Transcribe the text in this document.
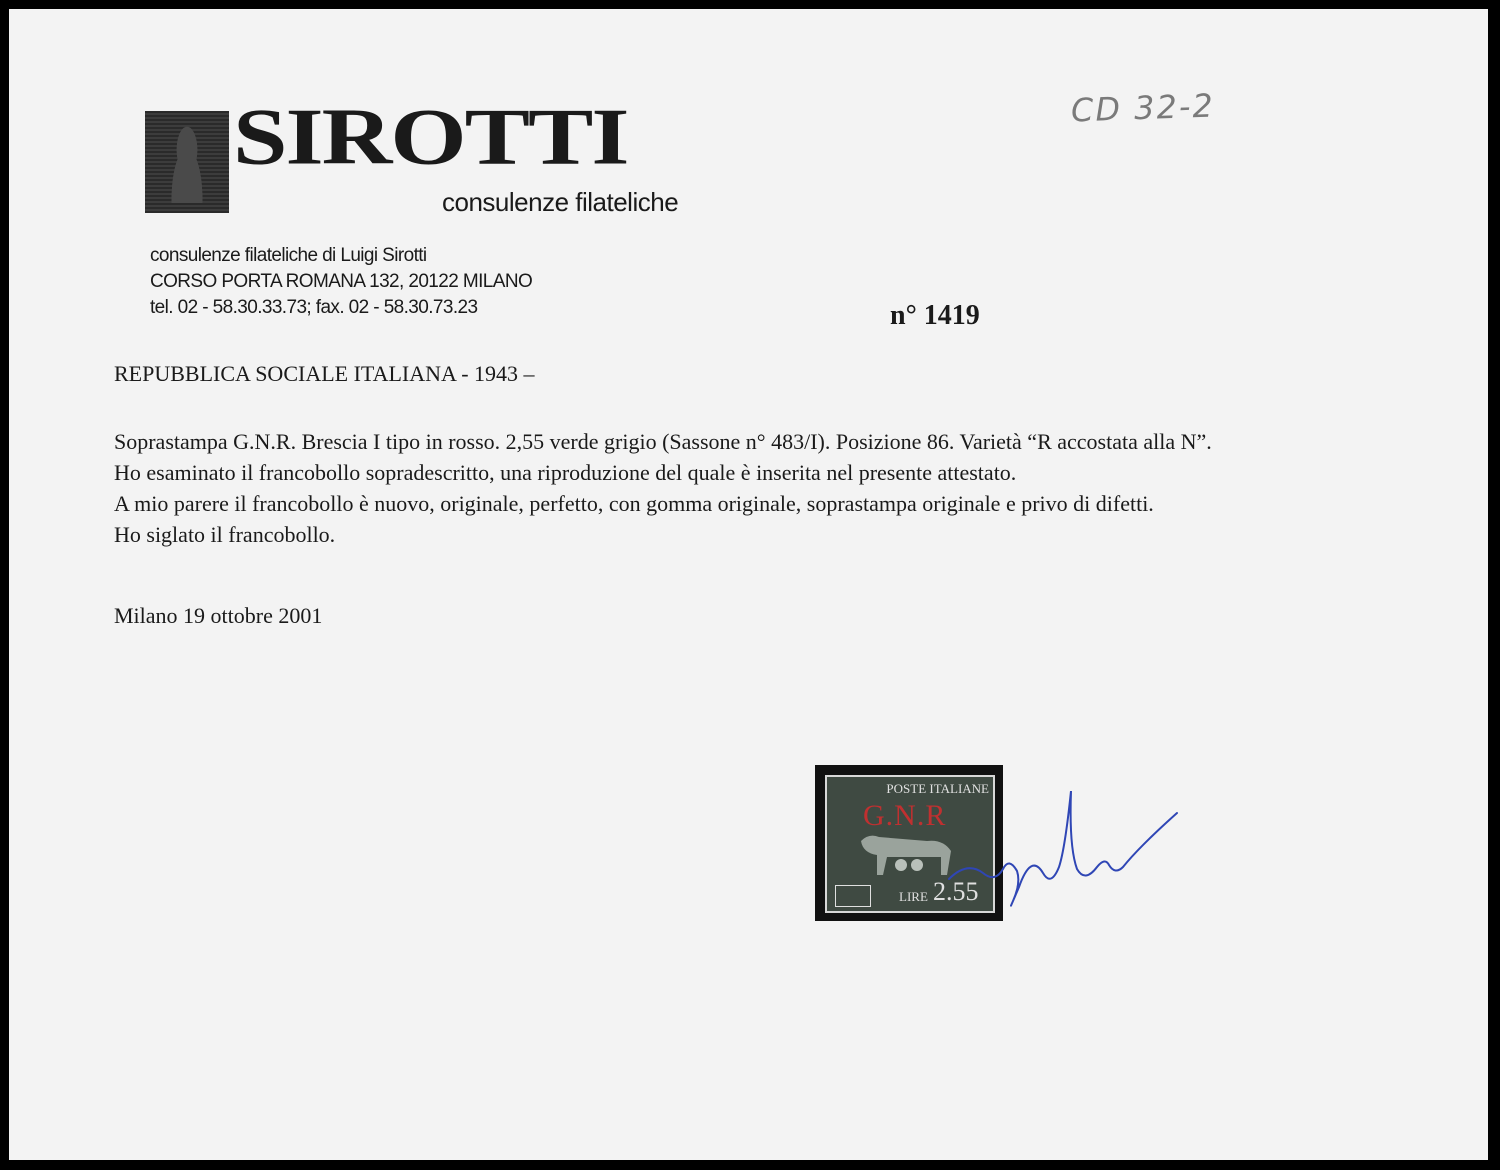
SIROTTI
consulenze filateliche
CD 32-2
consulenze filateliche di Luigi Sirotti
CORSO PORTA ROMANA 132, 20122 MILANO
tel. 02 - 58.30.33.73; fax. 02 - 58.30.73.23	n° 1419
REPUBBLICA SOCIALE ITALIANA - 1943 –

Soprastampa G.N.R. Brescia I tipo in rosso. 2,55 verde grigio (Sassone n° 483/I). Posizione 86. Varietà “R accostata alla N”.

Ho esaminato il francobollo sopradescritto, una riproduzione del quale è inserita nel presente attestato.

A mio parere il francobollo è nuovo, originale, perfetto, con gomma originale, soprastampa originale e privo di difetti.

Ho siglato il francobollo.

Milano 19 ottobre 2001
POSTE ITALIANE
G.N.R
LIRE 2.55
